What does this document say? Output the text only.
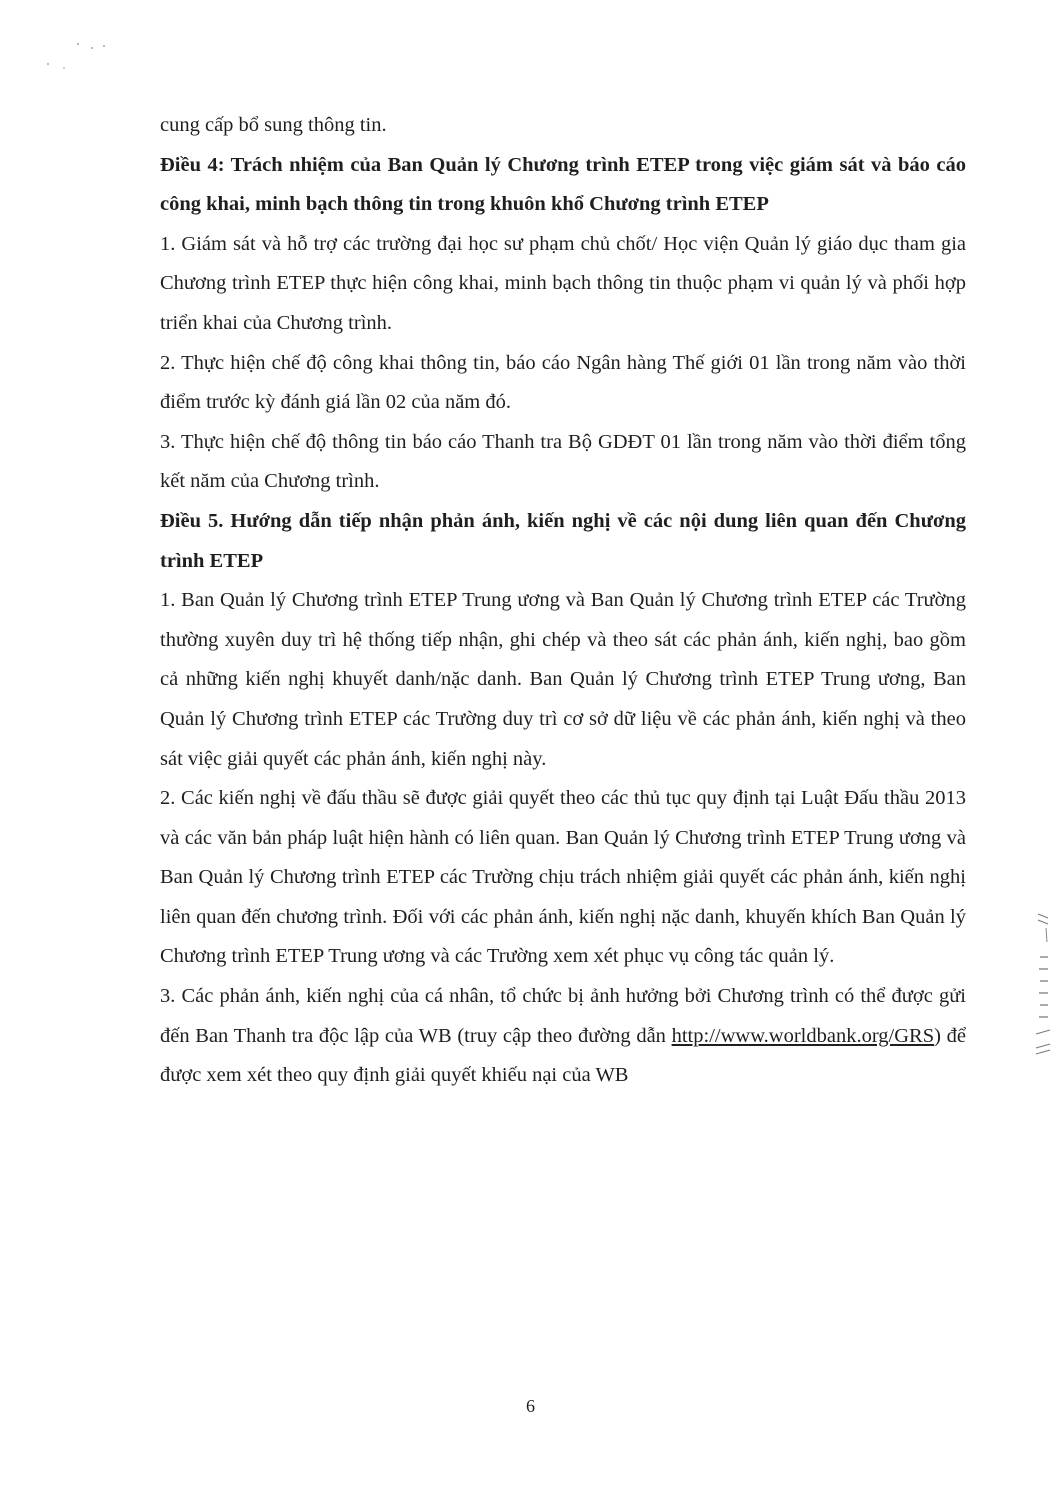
cung cấp bổ sung thông tin.

Điều 4: Trách nhiệm của Ban Quản lý Chương trình ETEP trong việc giám sát và báo cáo công khai, minh bạch thông tin trong khuôn khổ Chương trình ETEP

1. Giám sát và hỗ trợ các trường đại học sư phạm chủ chốt/ Học viện Quản lý giáo dục tham gia Chương trình ETEP thực hiện công khai, minh bạch thông tin thuộc phạm vi quản lý và phối hợp triển khai của Chương trình.

2. Thực hiện chế độ công khai thông tin, báo cáo Ngân hàng Thế giới 01 lần trong năm vào thời điểm trước kỳ đánh giá lần 02 của năm đó.

3. Thực hiện chế độ thông tin báo cáo Thanh tra Bộ GDĐT 01 lần trong năm vào thời điểm tổng kết năm của Chương trình.

Điều 5. Hướng dẫn tiếp nhận phản ánh, kiến nghị về các nội dung liên quan đến Chương trình ETEP

1. Ban Quản lý Chương trình ETEP Trung ương và Ban Quản lý Chương trình ETEP các Trường thường xuyên duy trì hệ thống tiếp nhận, ghi chép và theo sát các phản ánh, kiến nghị, bao gồm cả những kiến nghị khuyết danh/nặc danh. Ban Quản lý Chương trình ETEP Trung ương, Ban Quản lý Chương trình ETEP các Trường duy trì cơ sở dữ liệu về các phản ánh, kiến nghị và theo sát việc giải quyết các phản ánh, kiến nghị này.

2. Các kiến nghị về đấu thầu sẽ được giải quyết theo các thủ tục quy định tại Luật Đấu thầu 2013 và các văn bản pháp luật hiện hành có liên quan. Ban Quản lý Chương trình ETEP Trung ương và Ban Quản lý Chương trình ETEP các Trường chịu trách nhiệm giải quyết các phản ánh, kiến nghị liên quan đến chương trình. Đối với các phản ánh, kiến nghị nặc danh, khuyến khích Ban Quản lý Chương trình ETEP Trung ương và các Trường xem xét phục vụ công tác quản lý.

3. Các phản ánh, kiến nghị của cá nhân, tổ chức bị ảnh hưởng bởi Chương trình có thể được gửi đến Ban Thanh tra độc lập của WB (truy cập theo đường dẫn http://www.worldbank.org/GRS) để được xem xét theo quy định giải quyết khiếu nại của WB

6
